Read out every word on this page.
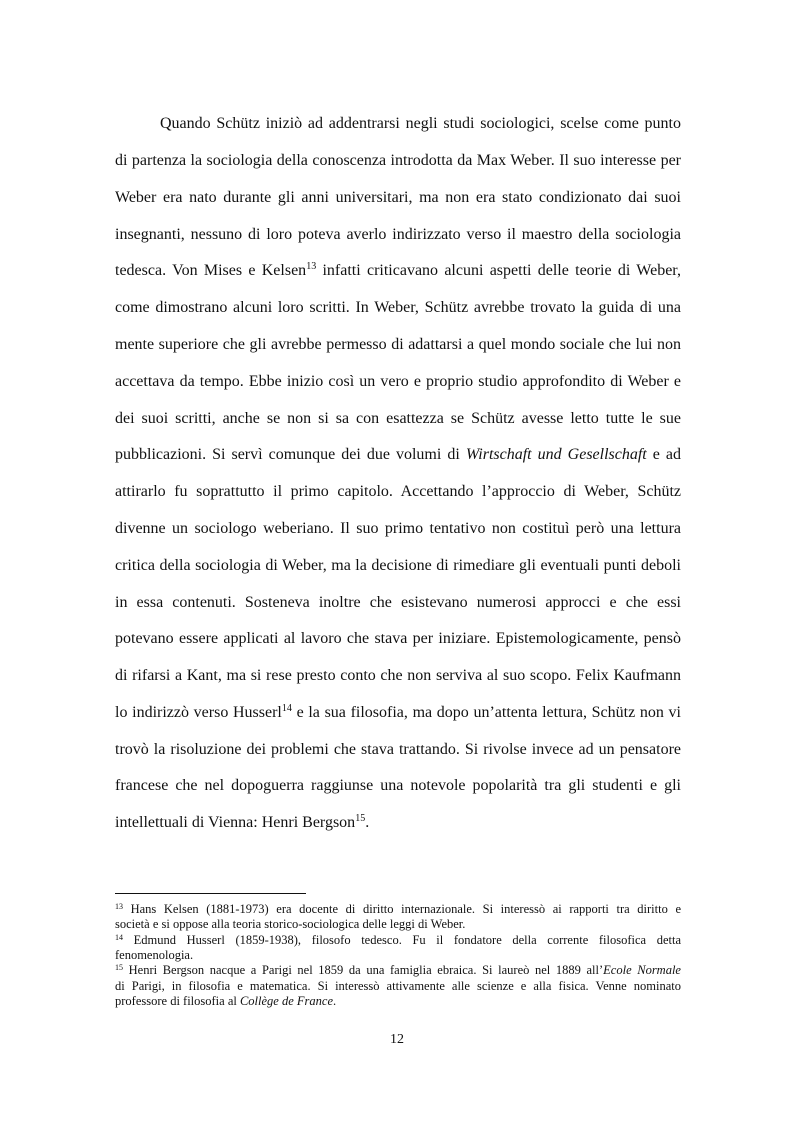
Quando Schütz iniziò ad addentrarsi negli studi sociologici, scelse come punto
di partenza la sociologia della conoscenza introdotta da Max Weber. Il suo interesse per
Weber era nato durante gli anni universitari, ma non era stato condizionato dai suoi
insegnanti, nessuno di loro poteva averlo indirizzato verso il maestro della sociologia
tedesca. Von Mises e Kelsen$^{13}$ infatti criticavano alcuni aspetti delle teorie di Weber,
come dimostrano alcuni loro scritti. In Weber, Schütz avrebbe trovato la guida di una
mente superiore che gli avrebbe permesso di adattarsi a quel mondo sociale che lui non
accettava da tempo. Ebbe inizio così un vero e proprio studio approfondito di Weber e
dei suoi scritti, anche se non si sa con esattezza se Schütz avesse letto tutte le sue
pubblicazioni. Si servì comunque dei due volumi di Wirtschaft und Gesellschaft e ad
attirarlo fu soprattutto il primo capitolo. Accettando l’approccio di Weber, Schütz
divenne un sociologo weberiano. Il suo primo tentativo non costituì però una lettura
critica della sociologia di Weber, ma la decisione di rimediare gli eventuali punti deboli
in essa contenuti. Sosteneva inoltre che esistevano numerosi approcci e che essi
potevano essere applicati al lavoro che stava per iniziare. Epistemologicamente, pensò
di rifarsi a Kant, ma si rese presto conto che non serviva al suo scopo. Felix Kaufmann
lo indirizzò verso Husserl$^{14}$ e la sua filosofia, ma dopo un’attenta lettura, Schütz non vi
trovò la risoluzione dei problemi che stava trattando. Si rivolse invece ad un pensatore
francese che nel dopoguerra raggiunse una notevole popolarità tra gli studenti e gli
intellettuali di Vienna: Henri Bergson$^{15}$.
$^{13}$ Hans Kelsen (1881-1973) era docente di diritto internazionale. Si interessò ai rapporti tra diritto e
società e si oppose alla teoria storico-sociologica delle leggi di Weber.
$^{14}$ Edmund Husserl (1859-1938), filosofo tedesco. Fu il fondatore della corrente filosofica detta
fenomenologia.
$^{15}$ Henri Bergson nacque a Parigi nel 1859 da una famiglia ebraica. Si laureò nel 1889 all’Ecole Normale
di Parigi, in filosofia e matematica. Si interessò attivamente alle scienze e alla fisica. Venne nominato
professore di filosofia al Collège de France.
12
